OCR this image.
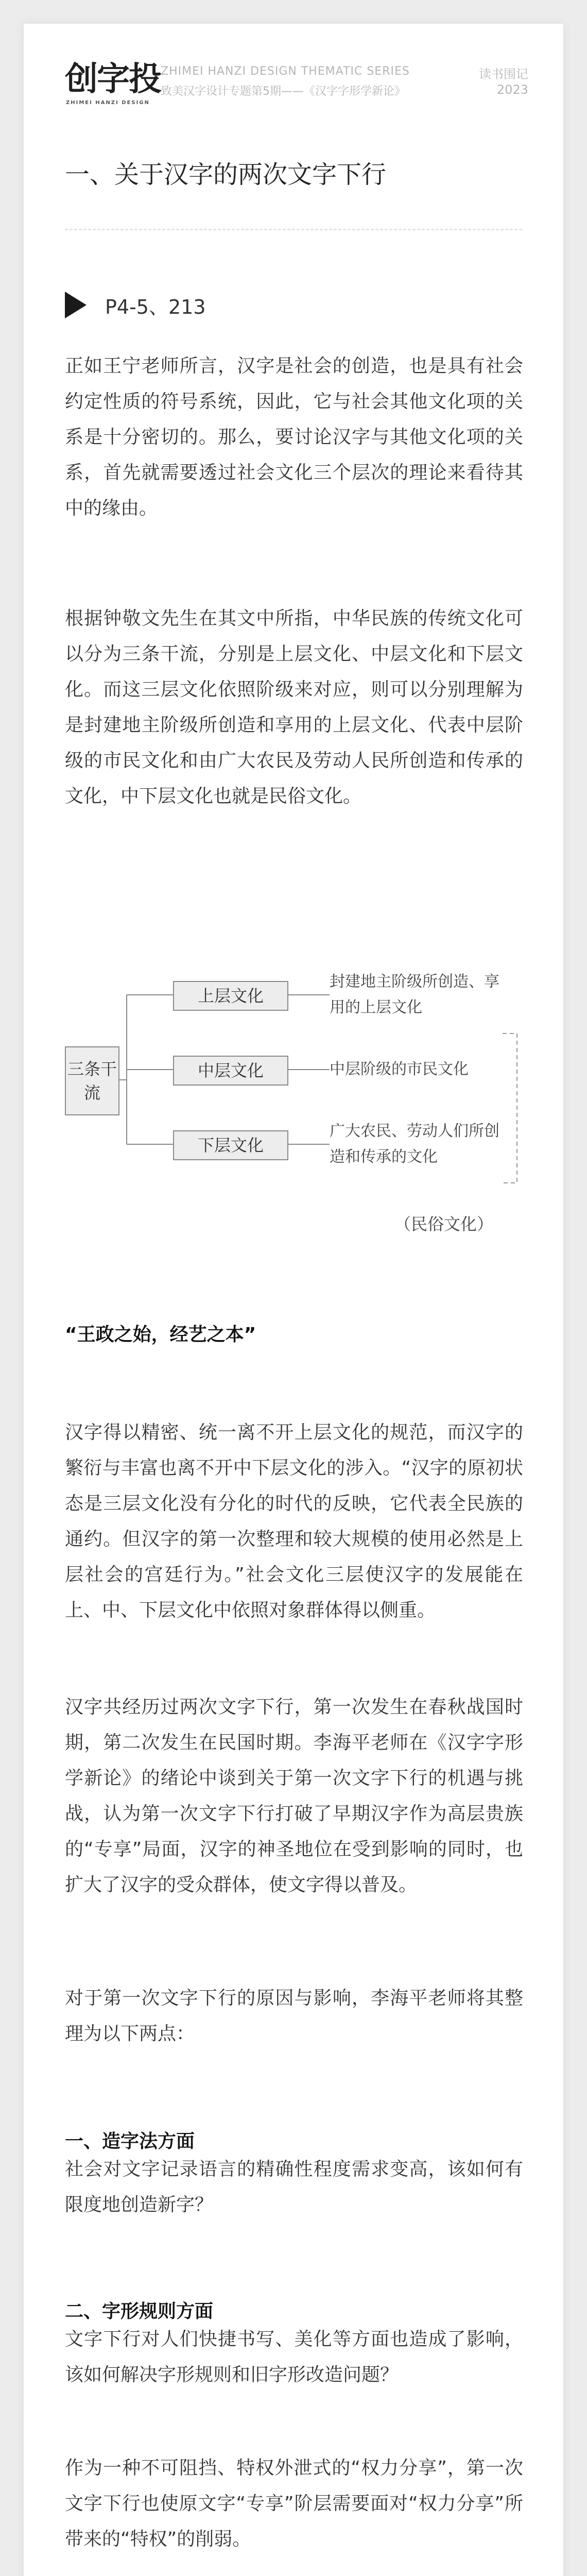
创字投
ZHIMEI HANZI DESIGN
ZHIMEI HANZI DESIGN THEMATIC SERIES
致美汉字设计专题第5期——《汉字字形学新论》
读书围记
2023
一、关于汉字的两次文字下行
P4-5、213

正如王宁老师所言，汉字是社会的创造，也是具有社会约定性质的符号系统，因此，它与社会其他文化项的关系是十分密切的。那么，要讨论汉字与其他文化项的关系，首先就需要透过社会文化三个层次的理论来看待其中的缘由。

根据钟敬文先生在其文中所指，中华民族的传统文化可以分为三条干流，分别是上层文化、中层文化和下层文化。而这三层文化依照阶级来对应，则可以分别理解为是封建地主阶级所创造和享用的上层文化、代表中层阶级的市民文化和由广大农民及劳动人民所创造和传承的文化，中下层文化也就是民俗文化。

三条干流
上层文化
中层文化
下层文化
封建地主阶级所创造、享用的上层文化
中层阶级的市民文化
广大农民、劳动人们所创造和传承的文化
（民俗文化）
“王政之始，经艺之本”

汉字得以精密、统一离不开上层文化的规范，而汉字的繁衍与丰富也离不开中下层文化的涉入。“汉字的原初状态是三层文化没有分化的时代的反映，它代表全民族的通约。但汉字的第一次整理和较大规模的使用必然是上层社会的宫廷行为。”社会文化三层使汉字的发展能在上、中、下层文化中依照对象群体得以侧重。

汉字共经历过两次文字下行，第一次发生在春秋战国时期，第二次发生在民国时期。李海平老师在《汉字字形学新论》的绪论中谈到关于第一次文字下行的机遇与挑战，认为第一次文字下行打破了早期汉字作为高层贵族的“专享”局面，汉字的神圣地位在受到影响的同时，也扩大了汉字的受众群体，使文字得以普及。

对于第一次文字下行的原因与影响，李海平老师将其整理为以下两点：

一、造字法方面

社会对文字记录语言的精确性程度需求变高，该如何有限度地创造新字？

二、字形规则方面

文字下行对人们快捷书写、美化等方面也造成了影响，该如何解决字形规则和旧字形改造问题？

作为一种不可阻挡、特权外泄式的“权力分享”，第一次文字下行也使原文字“专享”阶层需要面对“权力分享”所带来的“特权”的削弱。
